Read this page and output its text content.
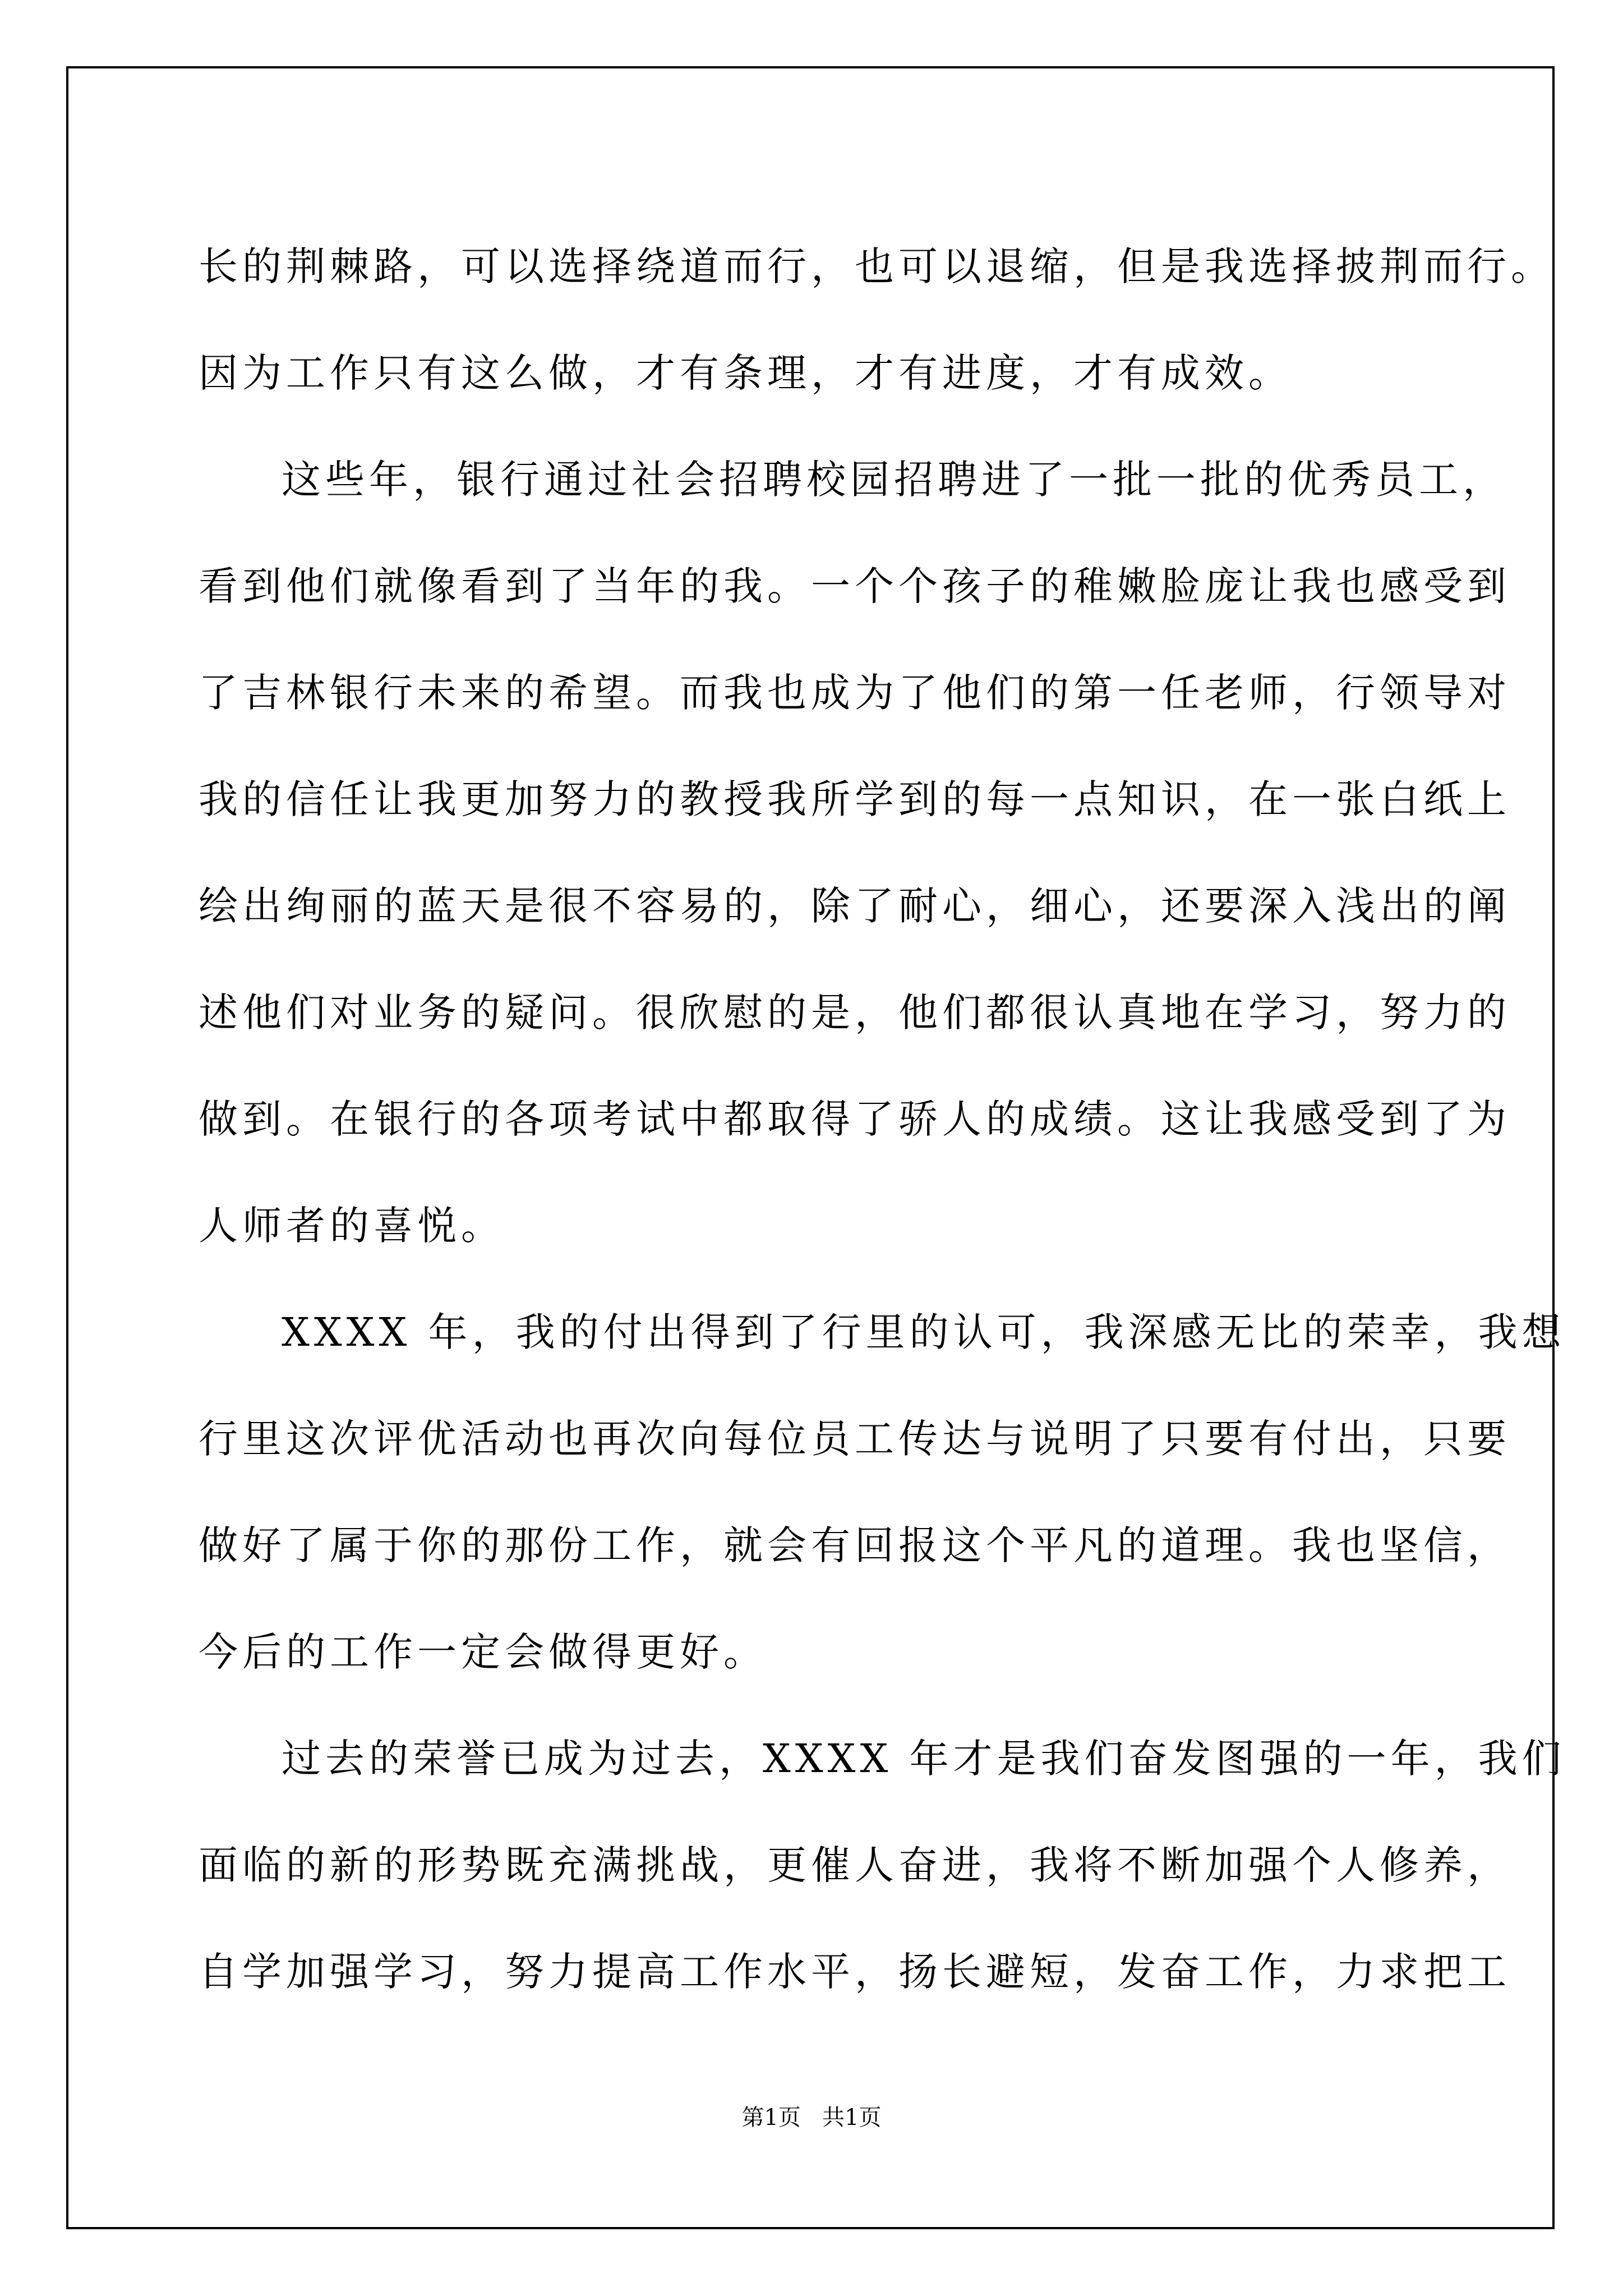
长的荆棘路，可以选择绕道而行，也可以退缩，但是我选择披荆而行。
因为工作只有这么做，才有条理，才有进度，才有成效。
这些年，银行通过社会招聘校园招聘进了一批一批的优秀员工，
看到他们就像看到了当年的我。一个个孩子的稚嫩脸庞让我也感受到
了吉林银行未来的希望。而我也成为了他们的第一任老师，行领导对
我的信任让我更加努力的教授我所学到的每一点知识，在一张白纸上
绘出绚丽的蓝天是很不容易的，除了耐心，细心，还要深入浅出的阐
述他们对业务的疑问。很欣慰的是，他们都很认真地在学习，努力的
做到。在银行的各项考试中都取得了骄人的成绩。这让我感受到了为
人师者的喜悦。
XXXX 年，我的付出得到了行里的认可，我深感无比的荣幸，我想
行里这次评优活动也再次向每位员工传达与说明了只要有付出，只要
做好了属于你的那份工作，就会有回报这个平凡的道理。我也坚信，
今后的工作一定会做得更好。
过去的荣誉已成为过去，XXXX 年才是我们奋发图强的一年，我们
面临的新的形势既充满挑战，更催人奋进，我将不断加强个人修养，
自学加强学习，努力提高工作水平，扬长避短，发奋工作，力求把工
第1页   共1页
